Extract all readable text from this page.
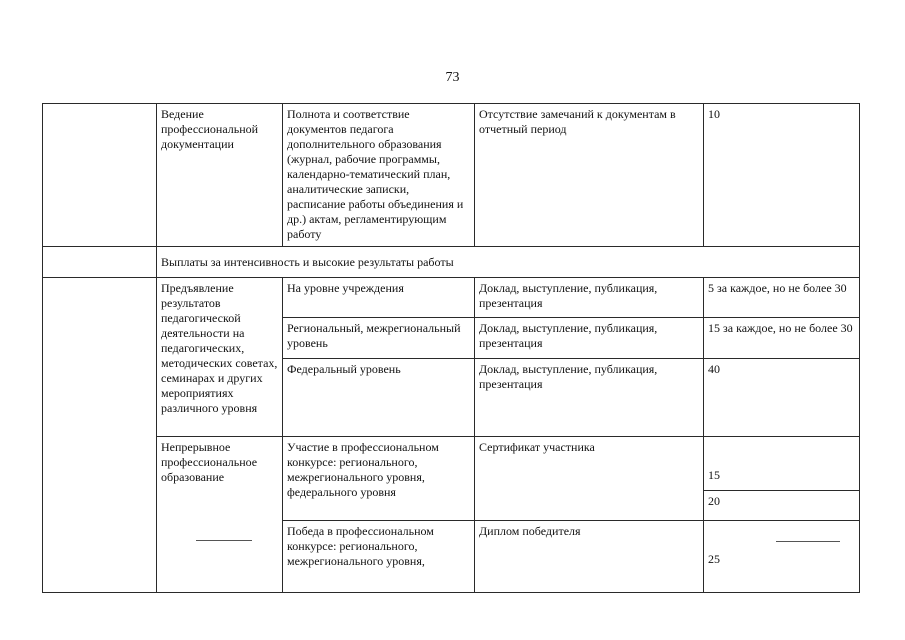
73
	Ведение профессиональной документации	Полнота и соответствие документов педагога дополнительного образования (журнал, рабочие программы, календарно-тематический план, аналитические записки, расписание работы объединения и др.) актам, регламентирующим работу	Отсутствие замечаний к документам в отчетный период	10
	Выплаты за интенсивность и высокие результаты работы			
	Предъявление результатов педагогической деятельности на педагогических, методических советах, семинарах и других мероприятиях различного уровня	На уровне учреждения	Доклад, выступление, публикация, презентация	5 за каждое, но не более 30
		Региональный, межрегиональный уровень	Доклад, выступление, публикация, презентация	15 за каждое, но не более 30
		Федеральный уровень	Доклад, выступление, публикация, презентация	40
	Непрерывное профессиональное образование	Участие в профессиональном конкурсе: регионального, межрегионального уровня, федерального уровня	Сертификат участника	15

				20
		Победа в профессиональном конкурсе: регионального, межрегионального уровня,	Диплом победителя	25
